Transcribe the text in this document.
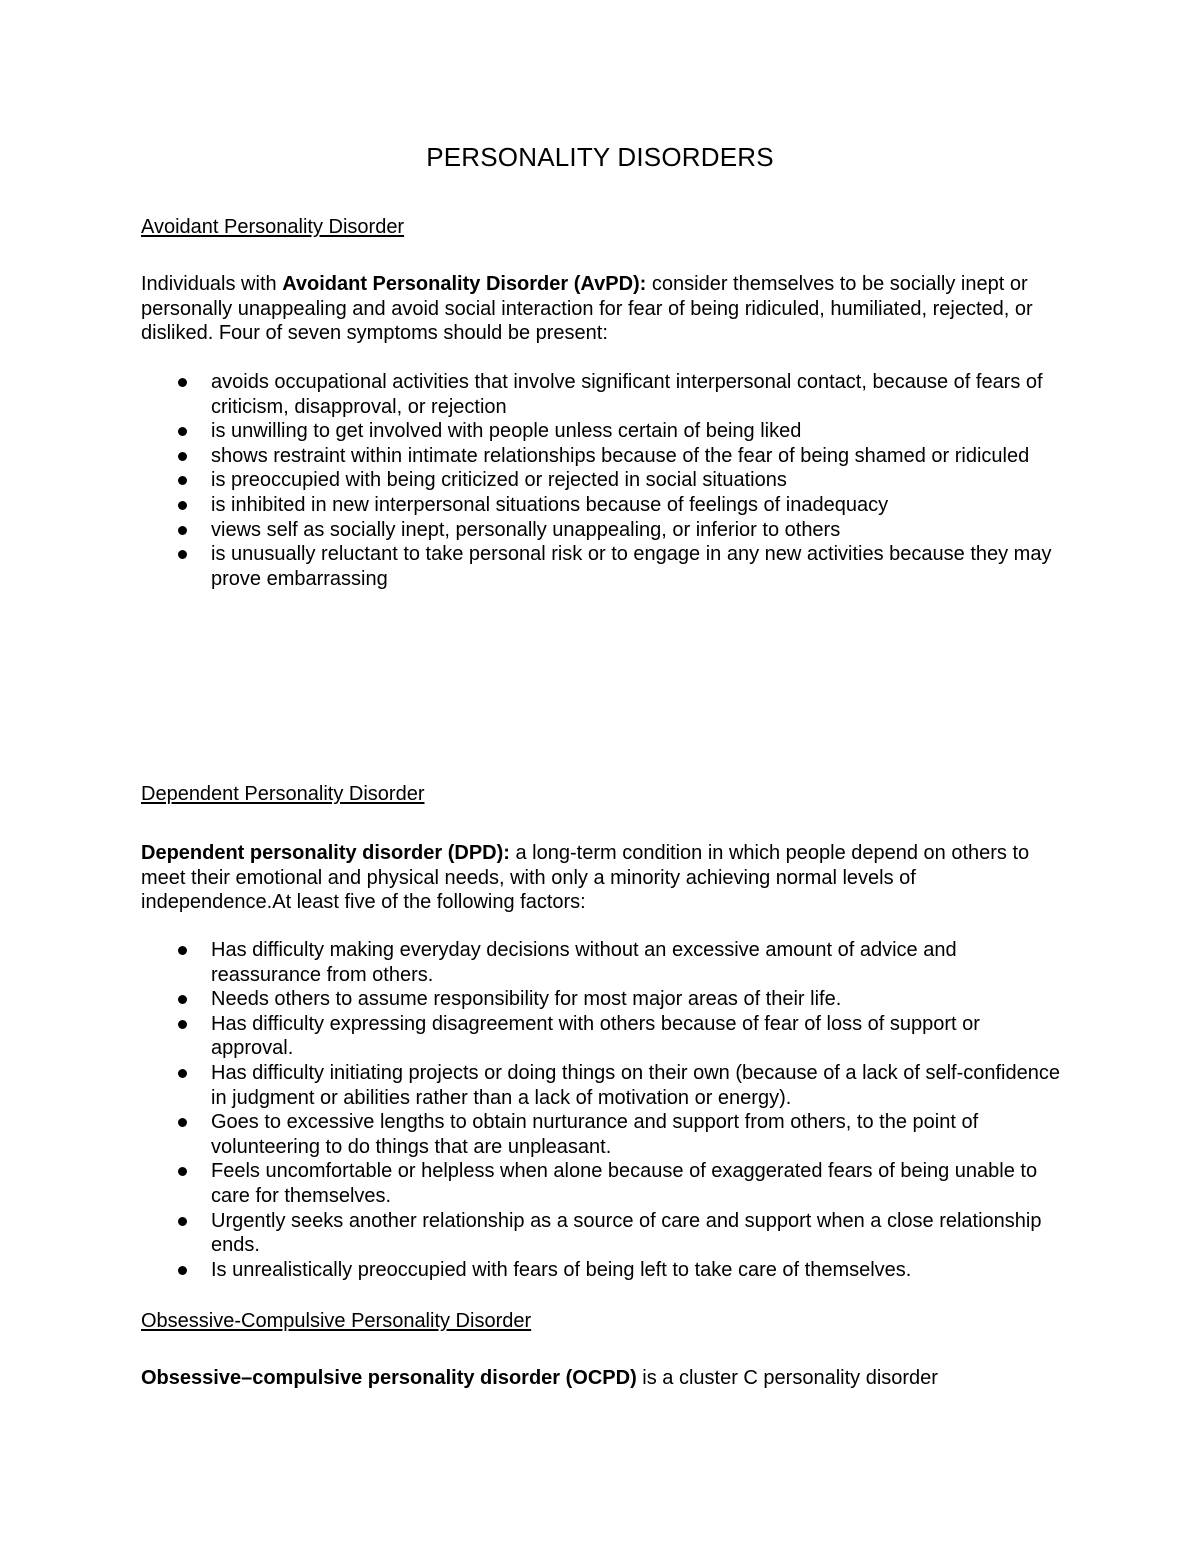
PERSONALITY DISORDERS
Avoidant Personality Disorder
Individuals with Avoidant Personality Disorder (AvPD): consider themselves to be socially inept or personally unappealing and avoid social interaction for fear of being ridiculed, humiliated, rejected, or disliked. Four of seven symptoms should be present:
avoids occupational activities that involve significant interpersonal contact, because of fears of criticism, disapproval, or rejection
is unwilling to get involved with people unless certain of being liked
shows restraint within intimate relationships because of the fear of being shamed or ridiculed
is preoccupied with being criticized or rejected in social situations
is inhibited in new interpersonal situations because of feelings of inadequacy
views self as socially inept, personally unappealing, or inferior to others
is unusually reluctant to take personal risk or to engage in any new activities because they may prove embarrassing
Dependent Personality Disorder
Dependent personality disorder (DPD): a long-term condition in which people depend on others to meet their emotional and physical needs, with only a minority achieving normal levels of independence.At least five of the following factors:
Has difficulty making everyday decisions without an excessive amount of advice and reassurance from others.
Needs others to assume responsibility for most major areas of their life.
Has difficulty expressing disagreement with others because of fear of loss of support or approval.
Has difficulty initiating projects or doing things on their own (because of a lack of self-confidence in judgment or abilities rather than a lack of motivation or energy).
Goes to excessive lengths to obtain nurturance and support from others, to the point of volunteering to do things that are unpleasant.
Feels uncomfortable or helpless when alone because of exaggerated fears of being unable to care for themselves.
Urgently seeks another relationship as a source of care and support when a close relationship ends.
Is unrealistically preoccupied with fears of being left to take care of themselves.
Obsessive-Compulsive Personality Disorder
Obsessive–compulsive personality disorder (OCPD) is a cluster C personality disorder
